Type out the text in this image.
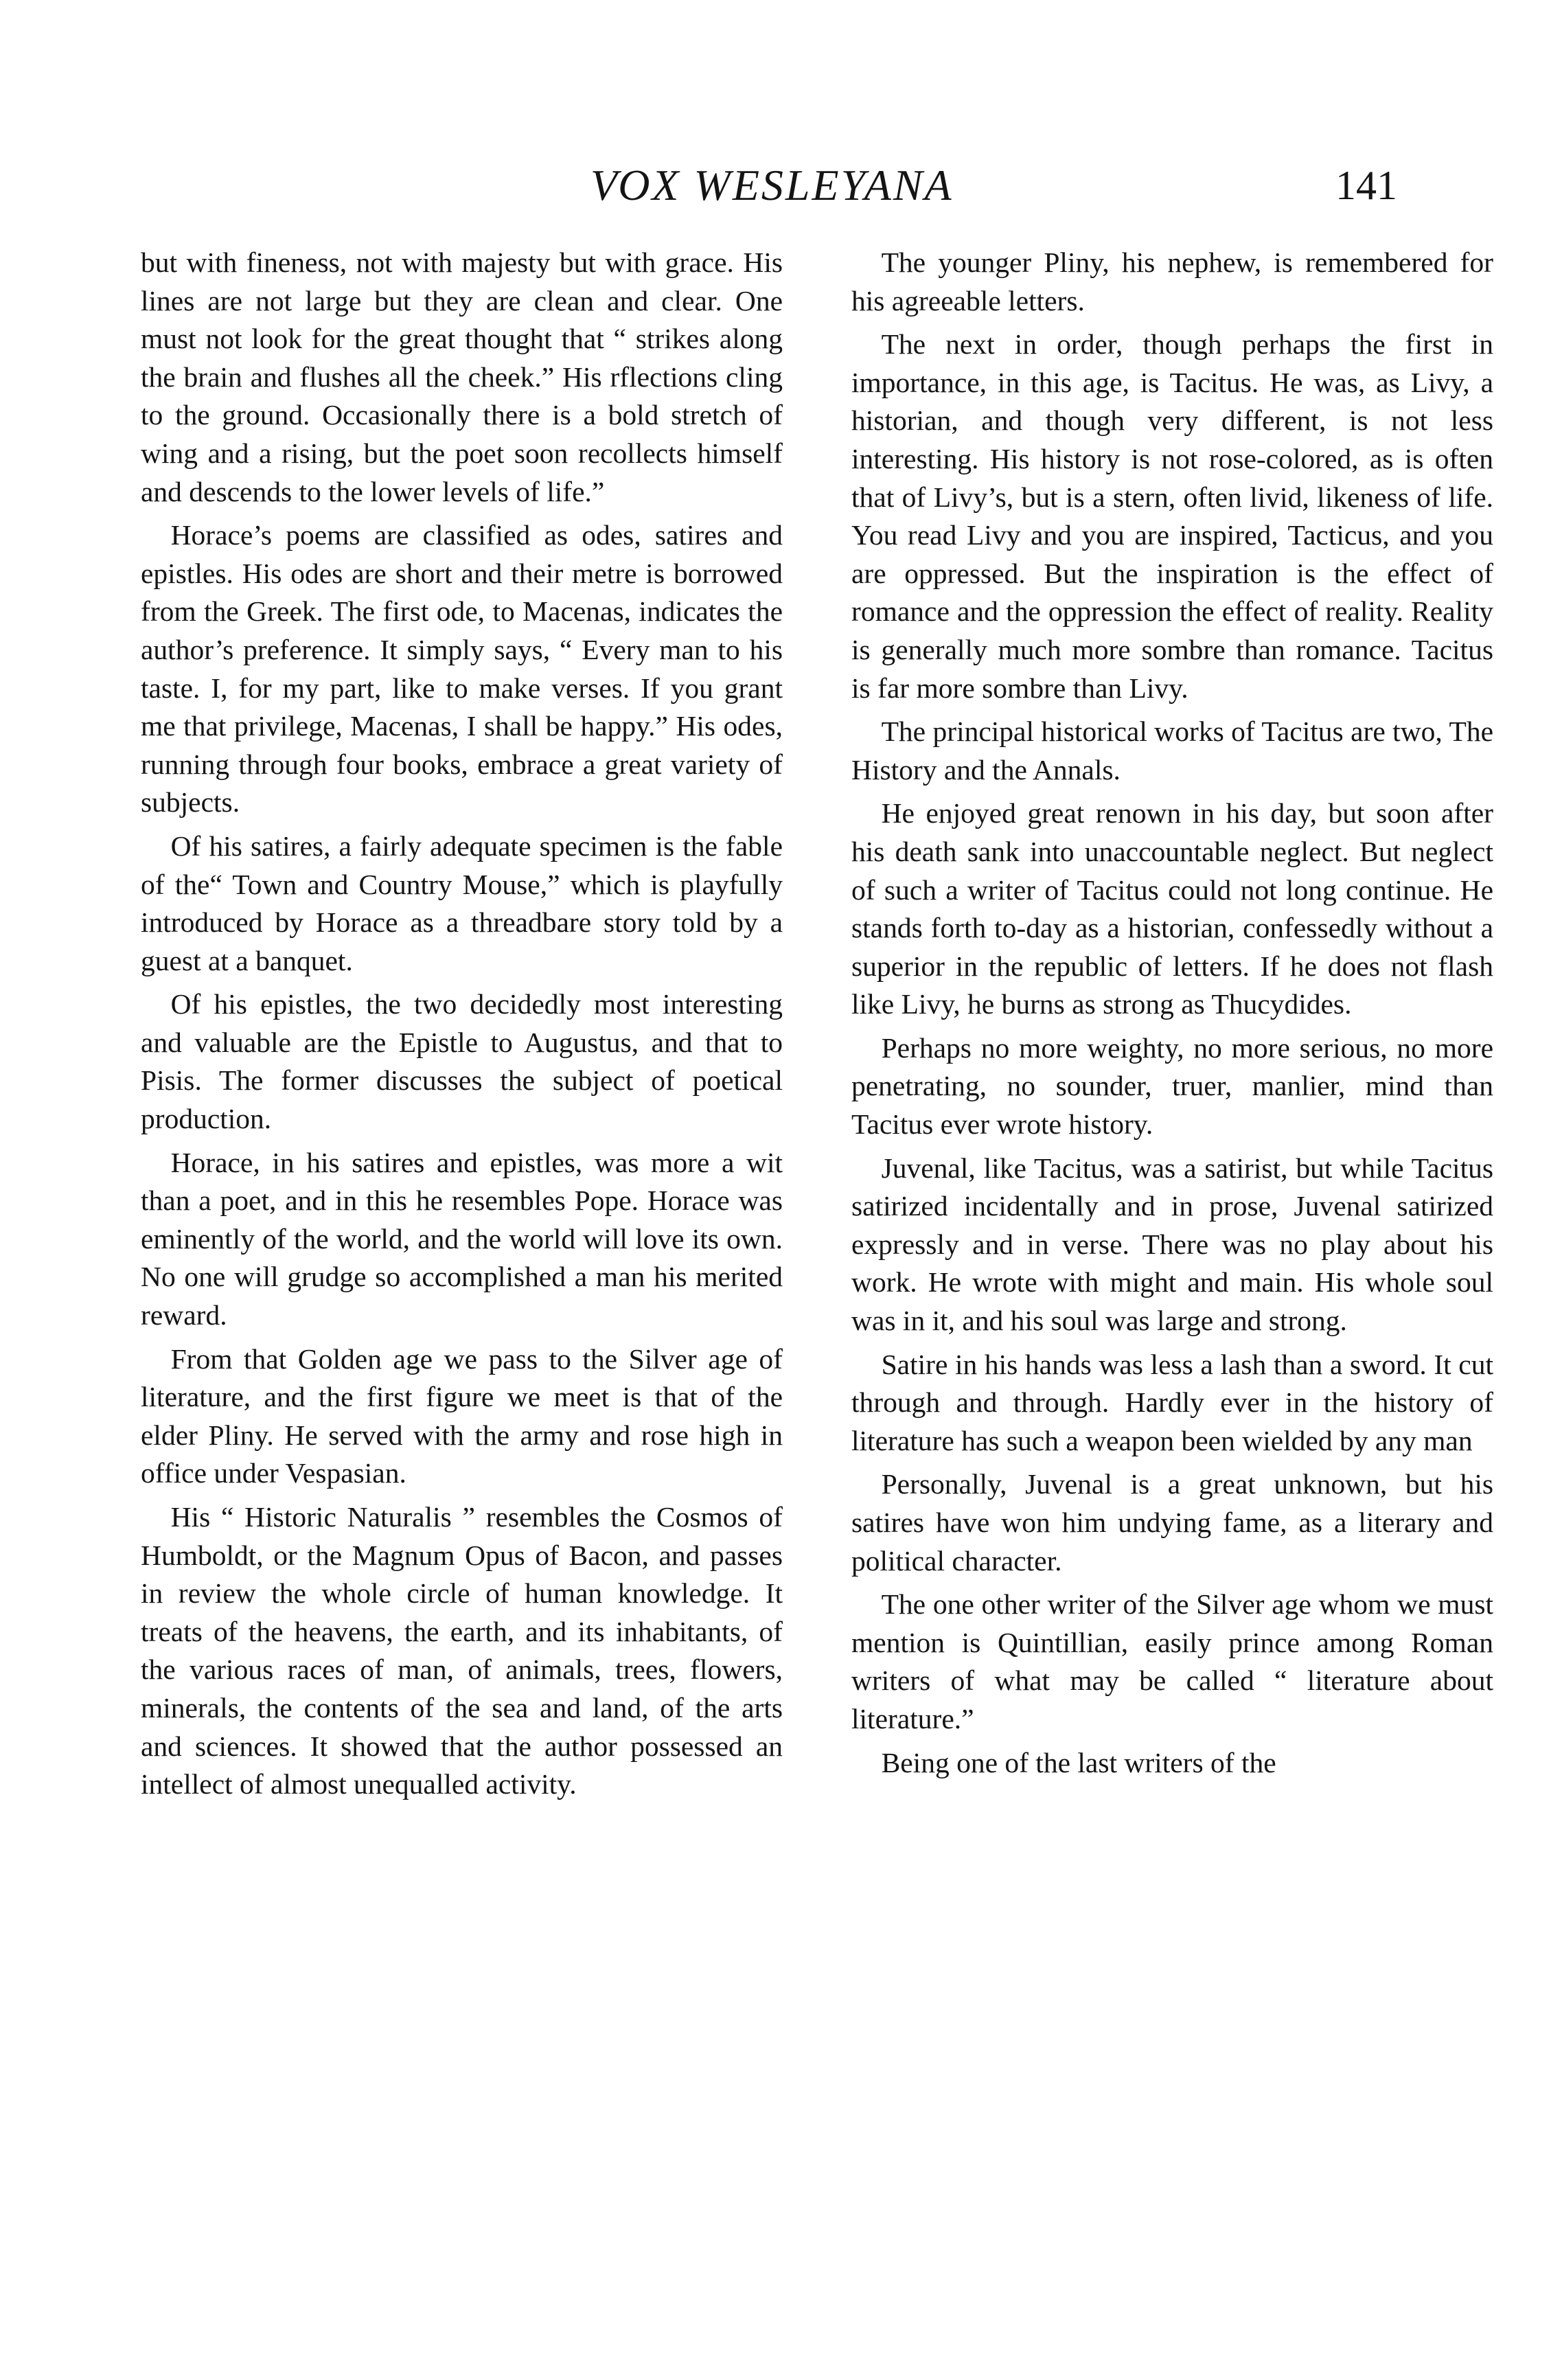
VOX WESLEYANA	141

but with fineness, not with majesty but with grace. His lines are not large but they are clean and clear. One must not look for the great thought that “ strikes along the brain and flushes all the cheek.” His rflections cling to the ground. Occasionally there is a bold stretch of wing and a rising, but the poet soon recollects himself and descends to the lower levels of life.”

Horace’s poems are classified as odes, satires and epistles. His odes are short and their metre is borrowed from the Greek. The first ode, to Macenas, indicates the author’s preference. It simply says, “ Every man to his taste. I, for my part, like to make verses. If you grant me that privilege, Macenas, I shall be happy.” His odes, running through four books, embrace a great variety of subjects.

Of his satires, a fairly adequate specimen is the fable of the“ Town and Country Mouse,” which is playfully introduced by Horace as a threadbare story told by a guest at a banquet.

Of his epistles, the two decidedly most interesting and valuable are the Epistle to Augustus, and that to Pisis. The former discusses the subject of poetical production.

Horace, in his satires and epistles, was more a wit than a poet, and in this he resembles Pope. Horace was eminently of the world, and the world will love its own. No one will grudge so accomplished a man his merited reward.

From that Golden age we pass to the Silver age of literature, and the first figure we meet is that of the elder Pliny. He served with the army and rose high in office under Vespasian.

His “ Historic Naturalis ” resembles the Cosmos of Humboldt, or the Magnum Opus of Bacon, and passes in review the whole circle of human knowledge. It treats of the heavens, the earth, and its inhabitants, of the various races of man, of animals, trees, flowers, minerals, the contents of the sea and land, of the arts and sciences. It showed that the author possessed an intellect of almost unequalled activity.

The younger Pliny, his nephew, is remembered for his agreeable letters.

The next in order, though perhaps the first in importance, in this age, is Tacitus. He was, as Livy, a historian, and though very different, is not less interesting. His history is not rose-colored, as is often that of Livy’s, but is a stern, often livid, likeness of life. You read Livy and you are inspired, Tacticus, and you are oppressed. But the inspiration is the effect of romance and the oppression the effect of reality. Reality is generally much more sombre than romance. Tacitus is far more sombre than Livy.

The principal historical works of Tacitus are two, The History and the Annals.

He enjoyed great renown in his day, but soon after his death sank into unaccountable neglect. But neglect of such a writer of Tacitus could not long continue. He stands forth to-day as a historian, confessedly without a superior in the republic of letters. If he does not flash like Livy, he burns as strong as Thucydides.

Perhaps no more weighty, no more serious, no more penetrating, no sounder, truer, manlier, mind than Tacitus ever wrote history.

Juvenal, like Tacitus, was a satirist, but while Tacitus satirized incidentally and in prose, Juvenal satirized expressly and in verse. There was no play about his work. He wrote with might and main. His whole soul was in it, and his soul was large and strong.

Satire in his hands was less a lash than a sword. It cut through and through. Hardly ever in the history of literature has such a weapon been wielded by any man

Personally, Juvenal is a great unknown, but his satires have won him undying fame, as a literary and political character.

The one other writer of the Silver age whom we must mention is Quintillian, easily prince among Roman writers of what may be called “ literature about literature.”

Being one of the last writers of the
